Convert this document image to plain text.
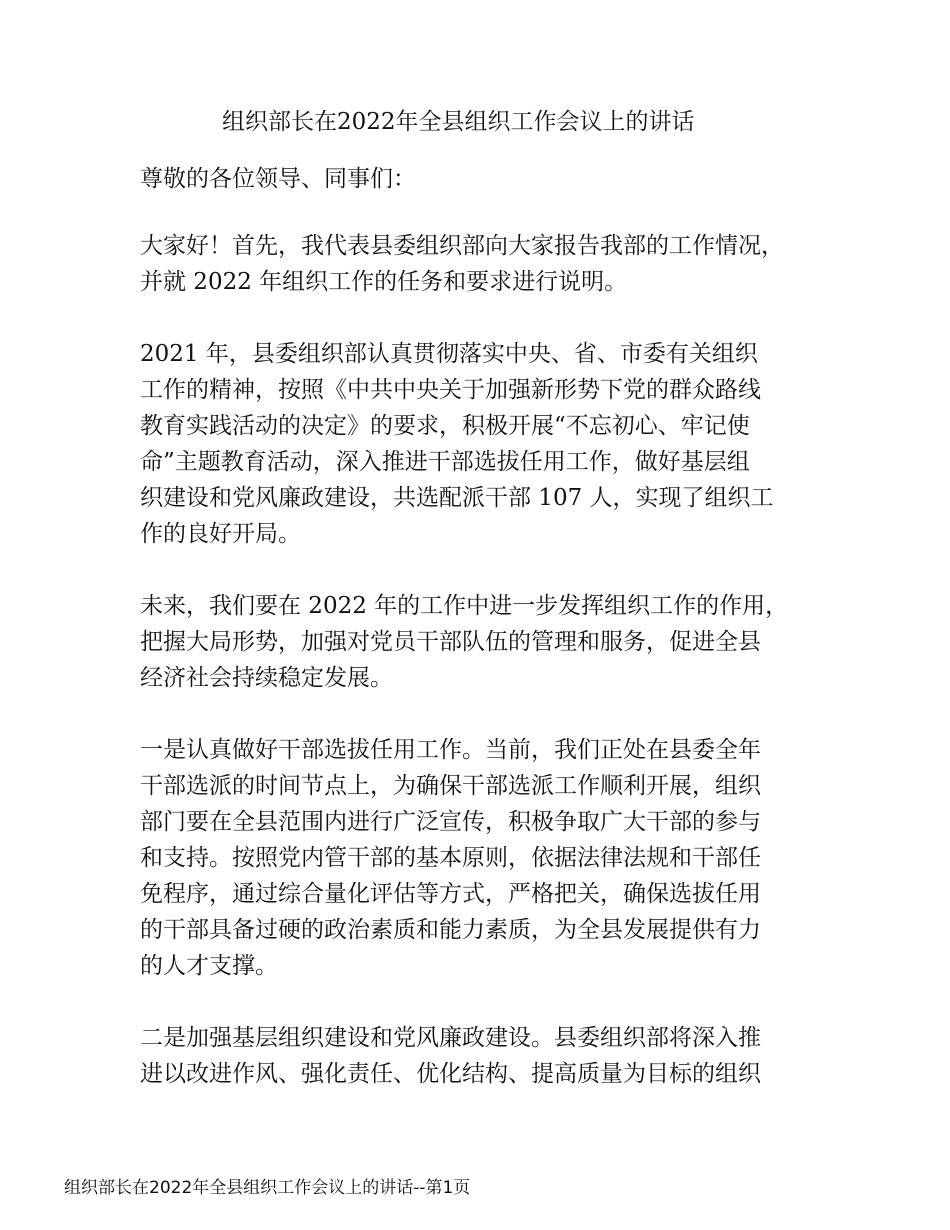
组织部长在2022年全县组织工作会议上的讲话
尊敬的各位领导、同事们：
大家好！首先，我代表县委组织部向大家报告我部的工作情况，
并就 2022 年组织工作的任务和要求进行说明。
2021 年，县委组织部认真贯彻落实中央、省、市委有关组织
工作的精神，按照《中共中央关于加强新形势下党的群众路线
教育实践活动的决定》的要求，积极开展“不忘初心、牢记使
命”主题教育活动，深入推进干部选拔任用工作，做好基层组
织建设和党风廉政建设，共选配派干部 107 人，实现了组织工
作的良好开局。
未来，我们要在 2022 年的工作中进一步发挥组织工作的作用，
把握大局形势，加强对党员干部队伍的管理和服务，促进全县
经济社会持续稳定发展。
一是认真做好干部选拔任用工作。当前，我们正处在县委全年
干部选派的时间节点上，为确保干部选派工作顺利开展，组织
部门要在全县范围内进行广泛宣传，积极争取广大干部的参与
和支持。按照党内管干部的基本原则，依据法律法规和干部任
免程序，通过综合量化评估等方式，严格把关，确保选拔任用
的干部具备过硬的政治素质和能力素质，为全县发展提供有力
的人才支撑。
二是加强基层组织建设和党风廉政建设。县委组织部将深入推
进以改进作风、强化责任、优化结构、提高质量为目标的组织
组织部长在2022年全县组织工作会议上的讲话--第1页
